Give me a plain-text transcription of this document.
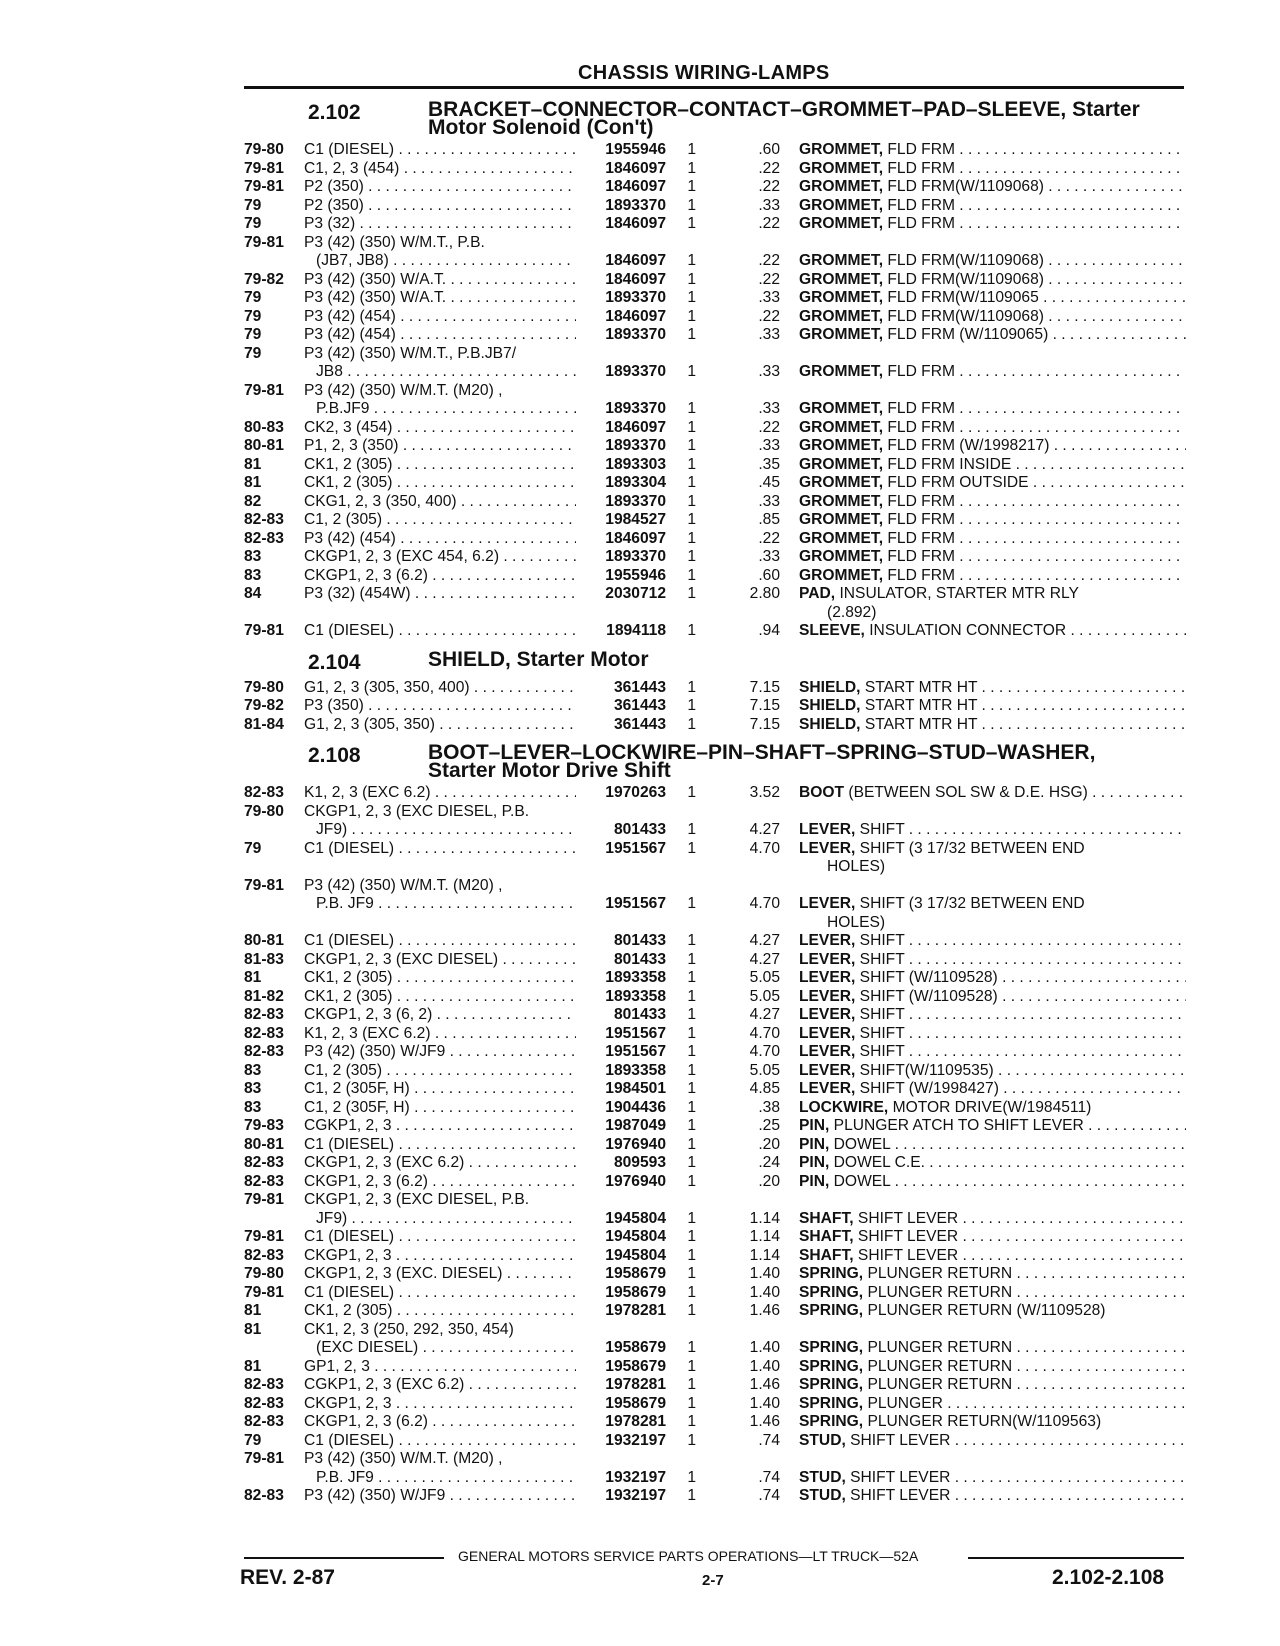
CHASSIS WIRING-LAMPS
2.102	BRACKET–CONNECTOR–CONTACT–GROMMET–PAD–SLEEVE, Starter
Motor Solenoid (Con't)
79-80	C1 (DIESEL) . . .	1955946	1	.60	GROMMET, FLD FRM . . .
79-81	C1, 2, 3 (454) . . .	1846097	1	.22	GROMMET, FLD FRM . . .
79-81	P2 (350) . . .	1846097	1	.22	GROMMET, FLD FRM(W/1109068) . . .
79	P2 (350) . . .	1893370	1	.33	GROMMET, FLD FRM . . .
79	P3 (32) . . .	1846097	1	.22	GROMMET, FLD FRM . . .
79-81	P3 (42) (350) W/M.T., P.B.
(JB7, JB8) . . .	1846097	1	.22	GROMMET, FLD FRM(W/1109068) . . .
79-82	P3 (42) (350) W/A.T. . . .	1846097	1	.22	GROMMET, FLD FRM(W/1109068) . . .
79	P3 (42) (350) W/A.T. . . .	1893370	1	.33	GROMMET, FLD FRM(W/1109065 . . .
79	P3 (42) (454) . . .	1846097	1	.22	GROMMET, FLD FRM(W/1109068) . . .
79	P3 (42) (454) . . .	1893370	1	.33	GROMMET, FLD FRM (W/1109065) . . .
79	P3 (42) (350) W/M.T., P.B.JB7/
JB8 . . .	1893370	1	.33	GROMMET, FLD FRM . . .
79-81	P3 (42) (350) W/M.T. (M20) ,
P.B.JF9 . . .	1893370	1	.33	GROMMET, FLD FRM . . .
80-83	CK2, 3 (454) . . .	1846097	1	.22	GROMMET, FLD FRM . . .
80-81	P1, 2, 3 (350) . . .	1893370	1	.33	GROMMET, FLD FRM (W/1998217) . . .
81	CK1, 2 (305) . . .	1893303	1	.35	GROMMET, FLD FRM INSIDE . . .
81	CK1, 2 (305) . . .	1893304	1	.45	GROMMET, FLD FRM OUTSIDE . . .
82	CKG1, 2, 3 (350, 400) . . .	1893370	1	.33	GROMMET, FLD FRM . . .
82-83	C1, 2 (305) . . .	1984527	1	.85	GROMMET, FLD FRM . . .
82-83	P3 (42) (454) . . .	1846097	1	.22	GROMMET, FLD FRM . . .
83	CKGP1, 2, 3 (EXC 454, 6.2) . . .	1893370	1	.33	GROMMET, FLD FRM . . .
83	CKGP1, 2, 3 (6.2) . . .	1955946	1	.60	GROMMET, FLD FRM . . .
84	P3 (32) (454W) . . .	2030712	1	2.80	PAD, INSULATOR, STARTER MTR RLY
(2.892)
79-81	C1 (DIESEL) . . .	1894118	1	.94	SLEEVE, INSULATION CONNECTOR . . .
2.104	SHIELD, Starter Motor
79-80	G1, 2, 3 (305, 350, 400) . . .	361443	1	7.15	SHIELD, START MTR HT . . .
79-82	P3 (350) . . .	361443	1	7.15	SHIELD, START MTR HT . . .
81-84	G1, 2, 3 (305, 350) . . .	361443	1	7.15	SHIELD, START MTR HT . . .
2.108	BOOT–LEVER–LOCKWIRE–PIN–SHAFT–SPRING–STUD–WASHER,
Starter Motor Drive Shift
82-83	K1, 2, 3 (EXC 6.2) . . .	1970263	1	3.52	BOOT (BETWEEN SOL SW & D.E. HSG) . . .
79-80	CKGP1, 2, 3 (EXC DIESEL, P.B.
JF9) . . .	801433	1	4.27	LEVER, SHIFT . . .
79	C1 (DIESEL) . . .	1951567	1	4.70	LEVER, SHIFT (3 17/32 BETWEEN END
HOLES)
79-81	P3 (42) (350) W/M.T. (M20) ,
P.B. JF9 . . .	1951567	1	4.70	LEVER, SHIFT (3 17/32 BETWEEN END
HOLES)
80-81	C1 (DIESEL) . . .	801433	1	4.27	LEVER, SHIFT . . .
81-83	CKGP1, 2, 3 (EXC DIESEL) . . .	801433	1	4.27	LEVER, SHIFT . . .
81	CK1, 2 (305) . . .	1893358	1	5.05	LEVER, SHIFT (W/1109528) . . .
81-82	CK1, 2 (305) . . .	1893358	1	5.05	LEVER, SHIFT (W/1109528) . . .
82-83	CKGP1, 2, 3 (6, 2) . . .	801433	1	4.27	LEVER, SHIFT . . .
82-83	K1, 2, 3 (EXC 6.2) . . .	1951567	1	4.70	LEVER, SHIFT . . .
82-83	P3 (42) (350) W/JF9 . . .	1951567	1	4.70	LEVER, SHIFT . . .
83	C1, 2 (305) . . .	1893358	1	5.05	LEVER, SHIFT(W/1109535) . . .
83	C1, 2 (305F, H) . . .	1984501	1	4.85	LEVER, SHIFT (W/1998427) . . .
83	C1, 2 (305F, H) . . .	1904436	1	.38	LOCKWIRE, MOTOR DRIVE(W/1984511)
79-83	CGKP1, 2, 3 . . .	1987049	1	.25	PIN, PLUNGER ATCH TO SHIFT LEVER . . .
80-81	C1 (DIESEL) . . .	1976940	1	.20	PIN, DOWEL . . .
82-83	CKGP1, 2, 3 (EXC 6.2) . . .	809593	1	.24	PIN, DOWEL C.E. . . .
82-83	CKGP1, 2, 3 (6.2) . . .	1976940	1	.20	PIN, DOWEL . . .
79-81	CKGP1, 2, 3 (EXC DIESEL, P.B.
JF9) . . .	1945804	1	1.14	SHAFT, SHIFT LEVER . . .
79-81	C1 (DIESEL) . . .	1945804	1	1.14	SHAFT, SHIFT LEVER . . .
82-83	CKGP1, 2, 3 . . .	1945804	1	1.14	SHAFT, SHIFT LEVER . . .
79-80	CKGP1, 2, 3 (EXC. DIESEL) . . .	1958679	1	1.40	SPRING, PLUNGER RETURN . . .
79-81	C1 (DIESEL) . . .	1958679	1	1.40	SPRING, PLUNGER RETURN . . .
81	CK1, 2 (305) . . .	1978281	1	1.46	SPRING, PLUNGER RETURN (W/1109528)
81	CK1, 2, 3 (250, 292, 350, 454)
(EXC DIESEL) . . .	1958679	1	1.40	SPRING, PLUNGER RETURN . . .
81	GP1, 2, 3 . . .	1958679	1	1.40	SPRING, PLUNGER RETURN . . .
82-83	CGKP1, 2, 3 (EXC 6.2) . . .	1978281	1	1.46	SPRING, PLUNGER RETURN . . .
82-83	CKGP1, 2, 3 . . .	1958679	1	1.40	SPRING, PLUNGER . . .
82-83	CKGP1, 2, 3 (6.2) . . .	1978281	1	1.46	SPRING, PLUNGER RETURN(W/1109563)
79	C1 (DIESEL) . . .	1932197	1	.74	STUD, SHIFT LEVER . . .
79-81	P3 (42) (350) W/M.T. (M20) ,
P.B. JF9 . . .	1932197	1	.74	STUD, SHIFT LEVER . . .
82-83	P3 (42) (350) W/JF9 . . .	1932197	1	.74	STUD, SHIFT LEVER . . .
GENERAL MOTORS SERVICE PARTS OPERATIONS—LT TRUCK—52A
REV. 2-87	2-7	2.102-2.108
